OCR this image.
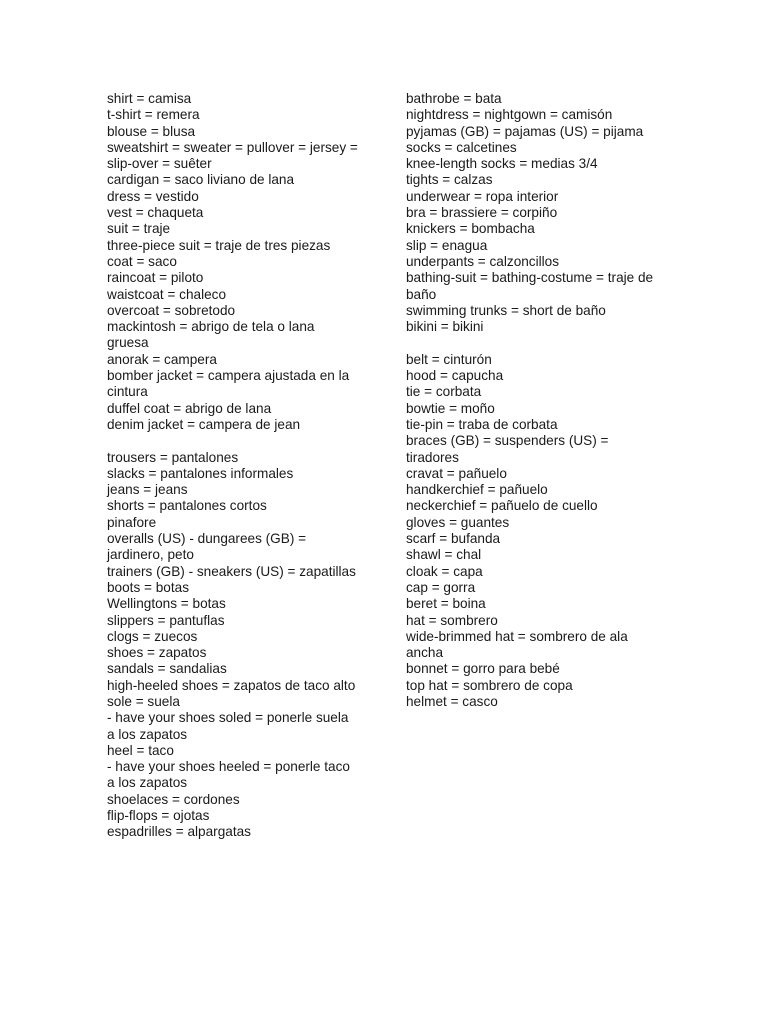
shirt = camisa
t-shirt = remera
blouse = blusa
sweatshirt = sweater = pullover = jersey =
slip-over = suêter
cardigan = saco liviano de lana
dress = vestido
vest = chaqueta
suit = traje
three-piece suit = traje de tres piezas
coat = saco
raincoat = piloto
waistcoat = chaleco
overcoat = sobretodo
mackintosh = abrigo de tela o lana
gruesa
anorak = campera
bomber jacket = campera ajustada en la
cintura
duffel coat = abrigo de lana
denim jacket = campera de jean
trousers = pantalones
slacks = pantalones informales
jeans = jeans
shorts = pantalones cortos
pinafore
overalls (US) - dungarees (GB) =
jardinero, peto
trainers (GB) - sneakers (US) = zapatillas
boots = botas
Wellingtons = botas
slippers = pantuflas
clogs = zuecos
shoes = zapatos
sandals = sandalias
high-heeled shoes = zapatos de taco alto
sole = suela
- have your shoes soled = ponerle suela
a los zapatos
heel = taco
- have your shoes heeled = ponerle taco
a los zapatos
shoelaces = cordones
flip-flops = ojotas
espadrilles = alpargatas
bathrobe = bata
nightdress = nightgown = camisón
pyjamas (GB) = pajamas (US) = pijama
socks = calcetines
knee-length socks = medias 3/4
tights = calzas
underwear = ropa interior
bra = brassiere = corpiño
knickers = bombacha
slip = enagua
underpants = calzoncillos
bathing-suit = bathing-costume = traje de
baño
swimming trunks = short de baño
bikini = bikini
belt = cinturón
hood = capucha
tie = corbata
bowtie = moño
tie-pin = traba de corbata
braces (GB) = suspenders (US) =
tiradores
cravat = pañuelo
handkerchief = pañuelo
neckerchief = pañuelo de cuello
gloves = guantes
scarf = bufanda
shawl = chal
cloak = capa
cap = gorra
beret = boina
hat = sombrero
wide-brimmed hat = sombrero de ala
ancha
bonnet = gorro para bebé
top hat = sombrero de copa
helmet = casco
